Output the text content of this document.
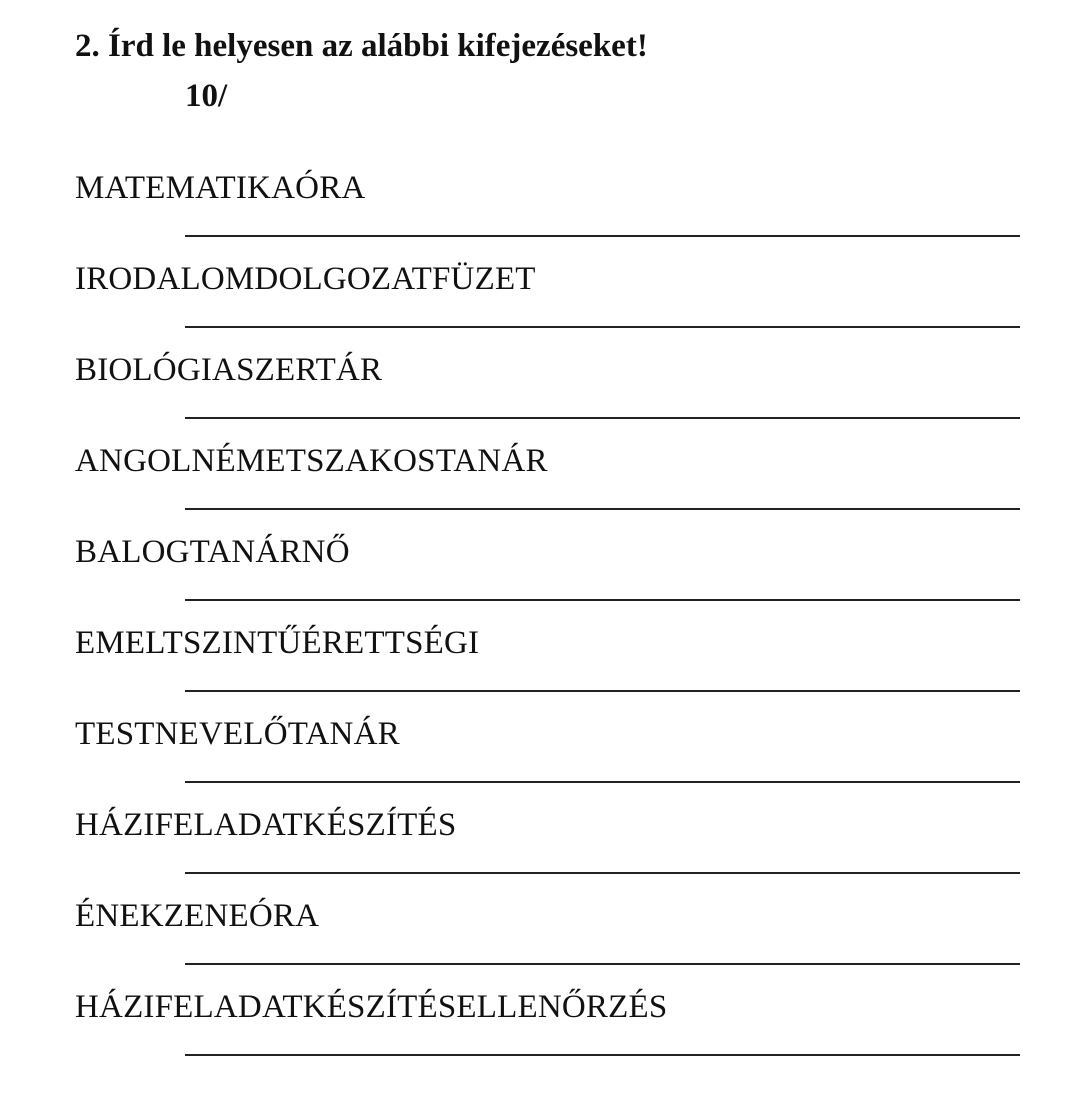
2. Írd le helyesen az alábbi kifejezéseket!
10/
MATEMATIKAÓRA
IRODALOMDOLGOZATFÜZET
BIOLÓGIASZERTÁR
ANGOLNÉMETSZAKOSTANÁR
BALOGTANÁRNŐ
EMELTSZINTŰÉRETTSÉGI
TESTNEVELŐTANÁR
HÁZIFELADATKÉSZÍTÉS
ÉNEKZENEÓRA
HÁZIFELADATKÉSZÍTÉSELLENŐRZÉS
